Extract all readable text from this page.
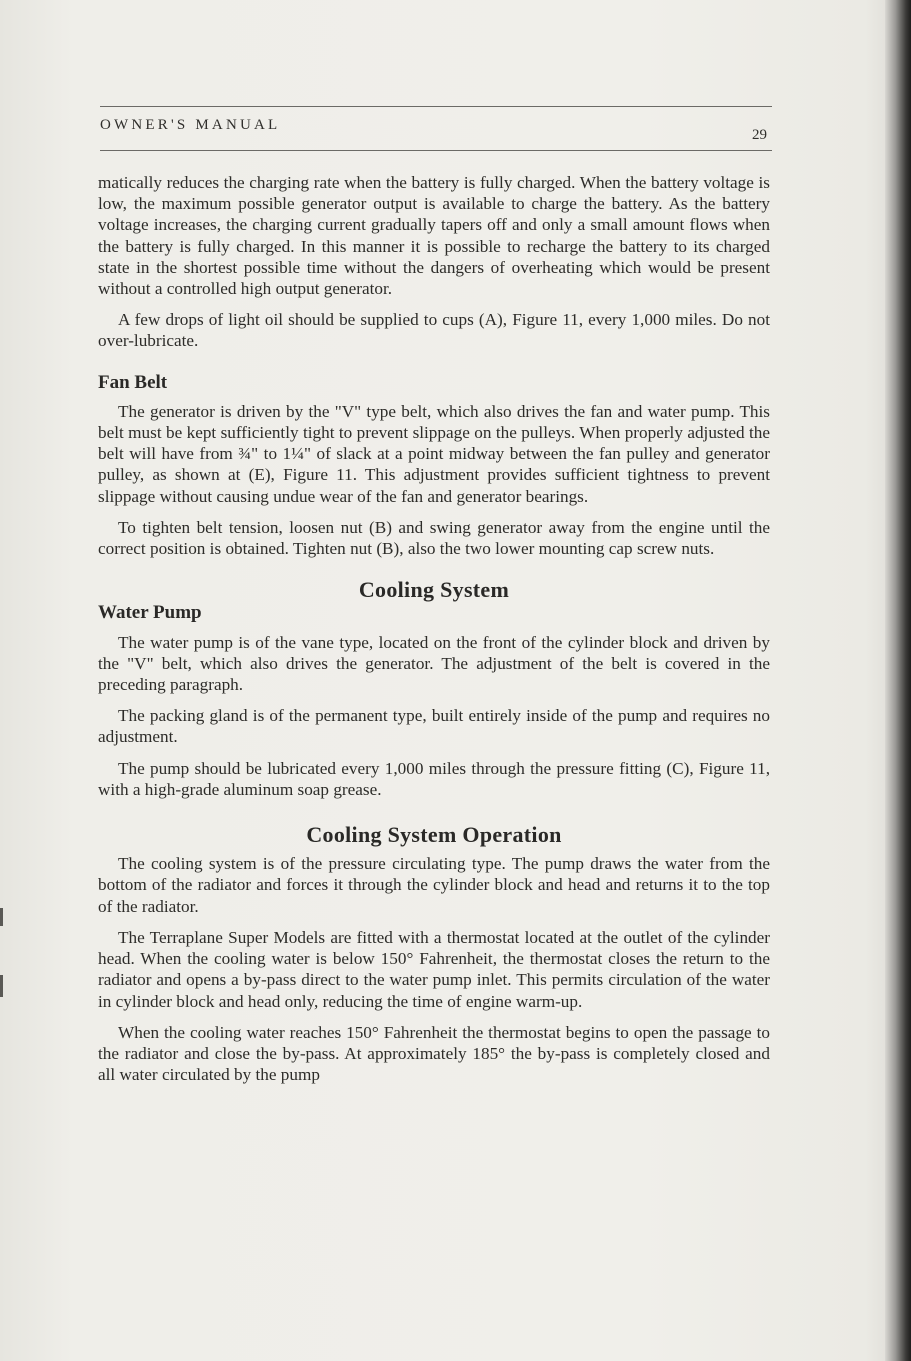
OWNER'S MANUAL
29

matically reduces the charging rate when the battery is fully charged. When the battery voltage is low, the maximum possible generator output is available to charge the battery. As the battery voltage increases, the charging current gradually tapers off and only a small amount flows when the battery is fully charged. In this manner it is possible to recharge the battery to its charged state in the shortest possible time without the dangers of overheating which would be present without a controlled high output generator.

A few drops of light oil should be supplied to cups (A), Figure 11, every 1,000 miles. Do not over-lubricate.

Fan Belt

The generator is driven by the "V" type belt, which also drives the fan and water pump. This belt must be kept sufficiently tight to prevent slippage on the pulleys. When properly adjusted the belt will have from ¾" to 1¼" of slack at a point midway between the fan pulley and generator pulley, as shown at (E), Figure 11. This adjustment provides sufficient tightness to prevent slippage without causing undue wear of the fan and generator bearings.

To tighten belt tension, loosen nut (B) and swing generator away from the engine until the correct position is obtained. Tighten nut (B), also the two lower mounting cap screw nuts.

Cooling System
Water Pump

The water pump is of the vane type, located on the front of the cylinder block and driven by the "V" belt, which also drives the generator. The adjustment of the belt is covered in the preceding paragraph.

The packing gland is of the permanent type, built entirely inside of the pump and requires no adjustment.

The pump should be lubricated every 1,000 miles through the pressure fitting (C), Figure 11, with a high-grade aluminum soap grease.

Cooling System Operation

The cooling system is of the pressure circulating type. The pump draws the water from the bottom of the radiator and forces it through the cylinder block and head and returns it to the top of the radiator.

The Terraplane Super Models are fitted with a thermostat located at the outlet of the cylinder head. When the cooling water is below 150° Fahrenheit, the thermostat closes the return to the radiator and opens a by-pass direct to the water pump inlet. This permits circulation of the water in cylinder block and head only, reducing the time of engine warm-up.

When the cooling water reaches 150° Fahrenheit the thermostat begins to open the passage to the radiator and close the by-pass. At approximately 185° the by-pass is completely closed and all water circulated by the pump
